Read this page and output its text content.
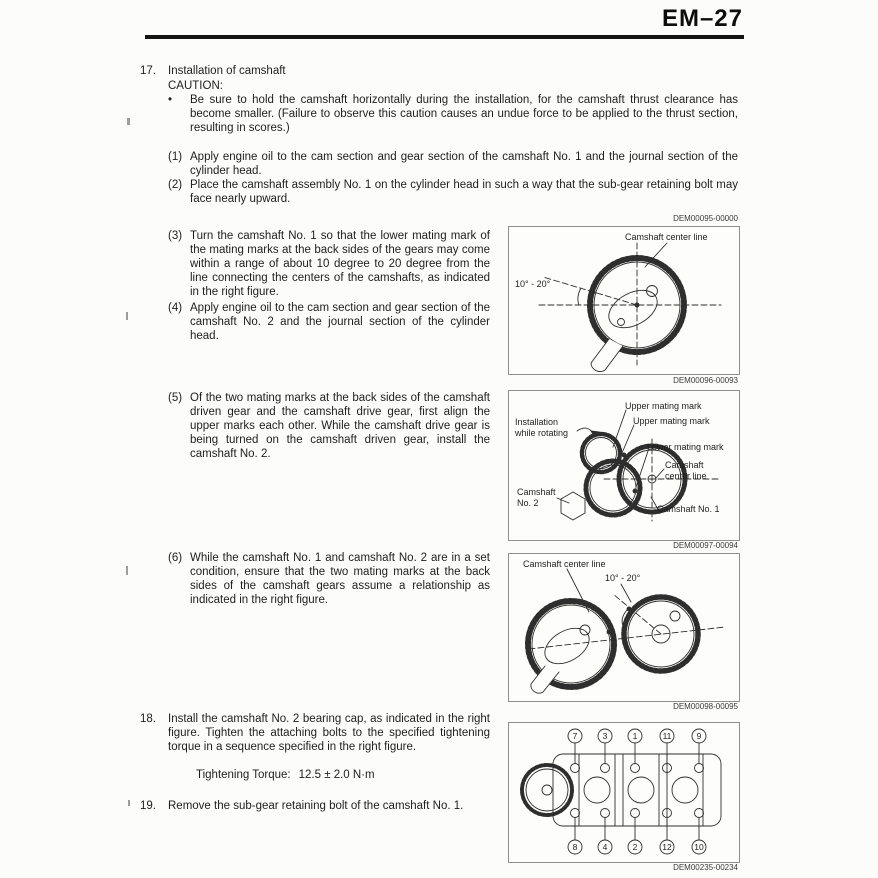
EM–27
17.	Installation of camshaft
CAUTION:
•	Be sure to hold the camshaft horizontally during the installation, for the camshaft thrust clearance has become smaller. (Failure to observe this caution causes an undue force to be applied to the thrust section, resulting in scores.)
(1) Apply engine oil to the cam section and gear section of the camshaft No. 1 and the journal section of the cylinder head.
(2) Place the camshaft assembly No. 1 on the cylinder head in such a way that the sub-gear retaining bolt may face nearly upward.
(3) Turn the camshaft No. 1 so that the lower mating mark of the mating marks at the back sides of the gears may come within a range of about 10 degree to 20 degree from the line connecting the centers of the camshafts, as indicated in the right figure.
(4) Apply engine oil to the cam section and gear section of the camshaft No. 2 and the journal section of the cylinder head.
(5) Of the two mating marks at the back sides of the camshaft driven gear and the camshaft drive gear, first align the upper marks each other. While the camshaft drive gear is being turned on the camshaft driven gear, install the camshaft No. 2.
(6) While the camshaft No. 1 and camshaft No. 2 are in a set condition, ensure that the two mating marks at the back sides of the camshaft gears assume a relationship as indicated in the right figure.
18.	Install the camshaft No. 2 bearing cap, as indicated in the right figure. Tighten the attaching bolts to the specified tightening torque in a sequence specified in the right figure.
Tightening Torque: 12.5 ± 2.0 N·m
19.	Remove the sub-gear retaining bolt of the camshaft No. 1.
DEM00095-00000
DEM00096-00093
DEM00097-00094
DEM00098-00095
DEM00235-00234
Camshaft center line
10° - 20°
Installation while rotating
Upper mating mark
Upper mating mark
Lower mating mark
Camshaft center line
Camshaft No. 2
Camshaft No. 1
Camshaft center line
10° - 20°
7	3	1	11	9
8	4	2	12	10
